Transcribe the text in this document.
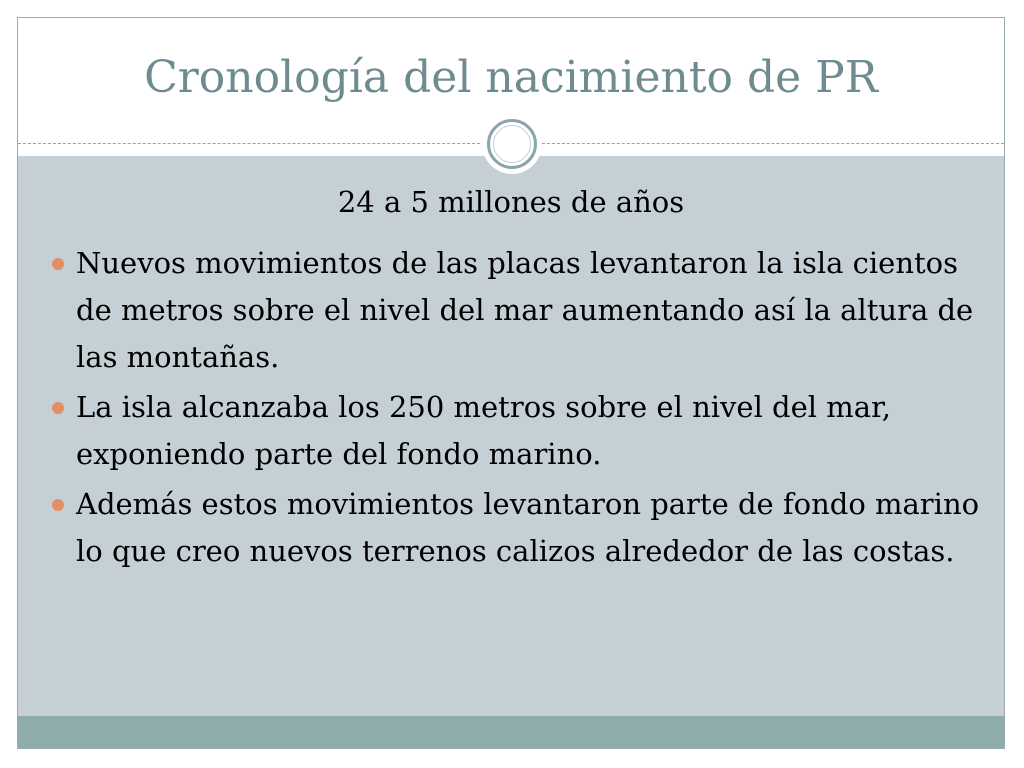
Cronología del nacimiento de PR

24 a 5 millones de años

Nuevos movimientos de las placas levantaron la isla cientos de metros sobre el nivel del mar aumentando así la altura de las montañas.
La isla alcanzaba los 250 metros sobre el nivel del mar, exponiendo parte del fondo marino.
Además estos movimientos levantaron parte de fondo marino lo que creo nuevos terrenos calizos alrededor de las costas.
